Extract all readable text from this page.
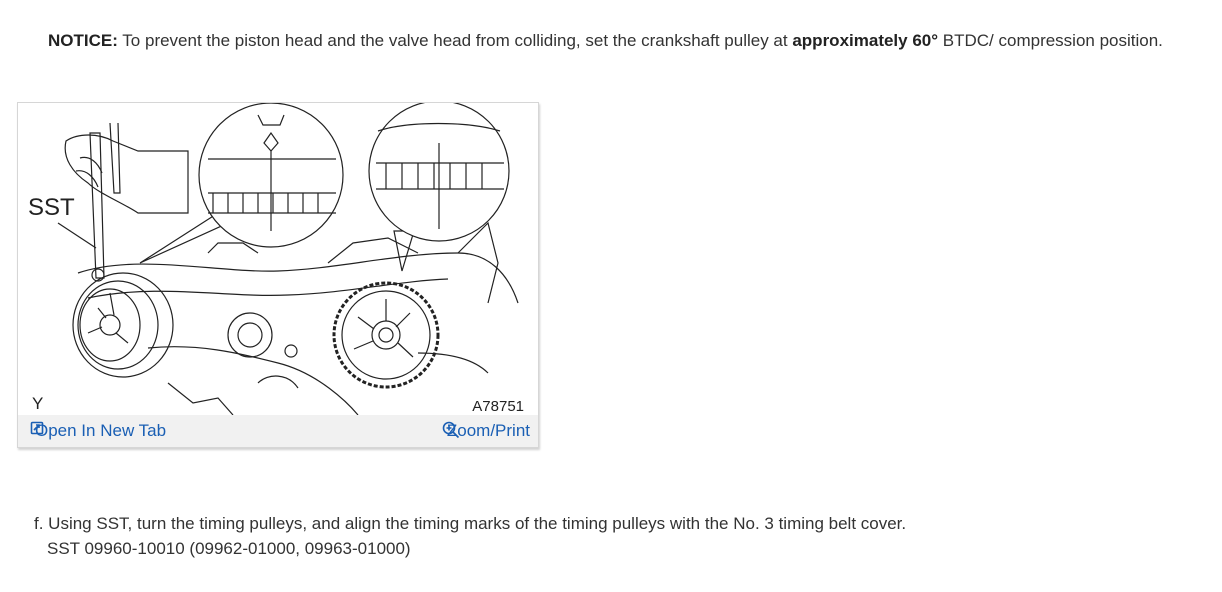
NOTICE: To prevent the piston head and the valve head from colliding, set the crankshaft pulley at approximately 60° BTDC/ compression position.
SST
Y	A78751
Open In New Tab	Zoom/Print
f. Using SST, turn the timing pulleys, and align the timing marks of the timing pulleys with the No. 3 timing belt cover.
SST 09960-10010 (09962-01000, 09963-01000)
